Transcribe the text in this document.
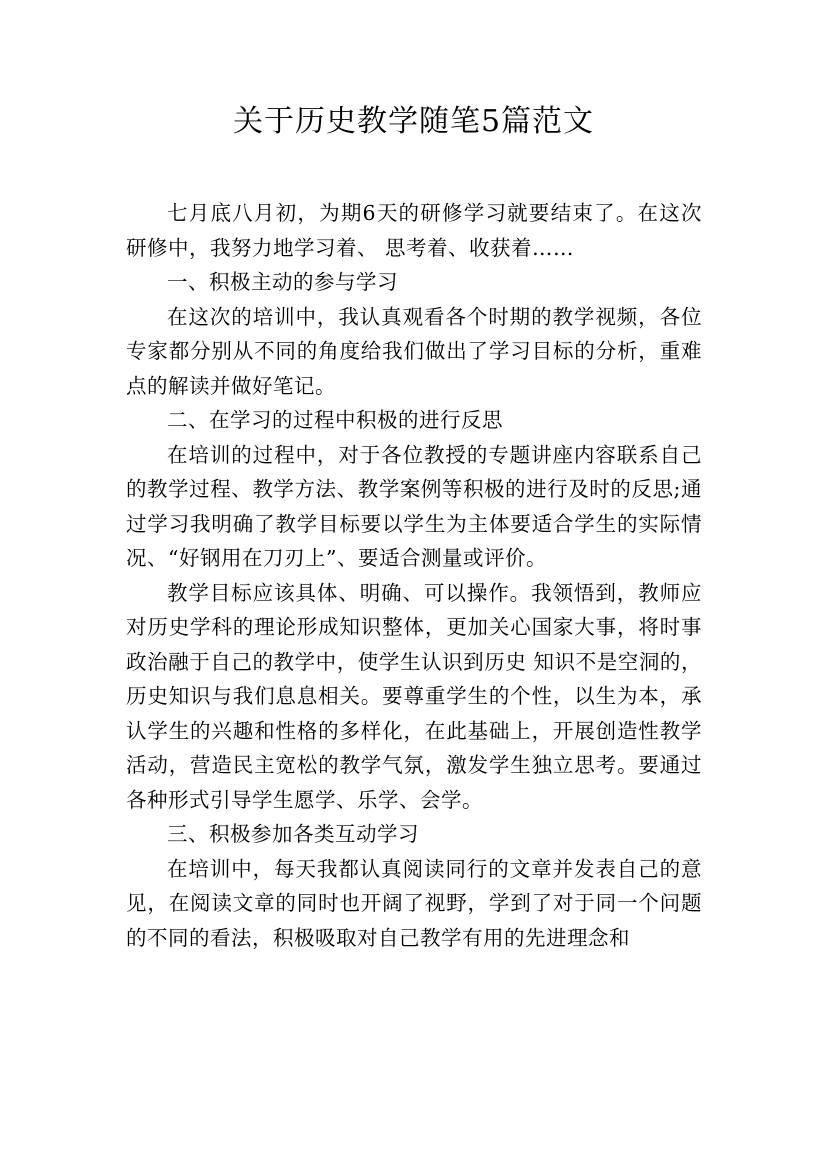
关于历史教学随笔5篇范文

七月底八月初，为期6天的研修学习就要结束了。在这次研修中，我努力地学习着、 思考着、收获着……

一、积极主动的参与学习

在这次的培训中，我认真观看各个时期的教学视频，各位专家都分别从不同的角度给我们做出了学习目标的分析，重难点的解读并做好笔记。

二、在学习的过程中积极的进行反思

在培训的过程中，对于各位教授的专题讲座内容联系自己的教学过程、教学方法、教学案例等积极的进行及时的反思;通过学习我明确了教学目标要以学生为主体要适合学生的实际情况、“好钢用在刀刃上”、要适合测量或评价。

教学目标应该具体、明确、可以操作。我领悟到，教师应对历史学科的理论形成知识整体，更加关心国家大事，将时事政治融于自己的教学中，使学生认识到历史 知识不是空洞的，历史知识与我们息息相关。要尊重学生的个性，以生为本，承认学生的兴趣和性格的多样化，在此基础上，开展创造性教学活动，营造民主宽松的教学气氛，激发学生独立思考。要通过各种形式引导学生愿学、乐学、会学。

三、积极参加各类互动学习

在培训中，每天我都认真阅读同行的文章并发表自己的意见，在阅读文章的同时也开阔了视野，学到了对于同一个问题的不同的看法，积极吸取对自己教学有用的先进理念和
